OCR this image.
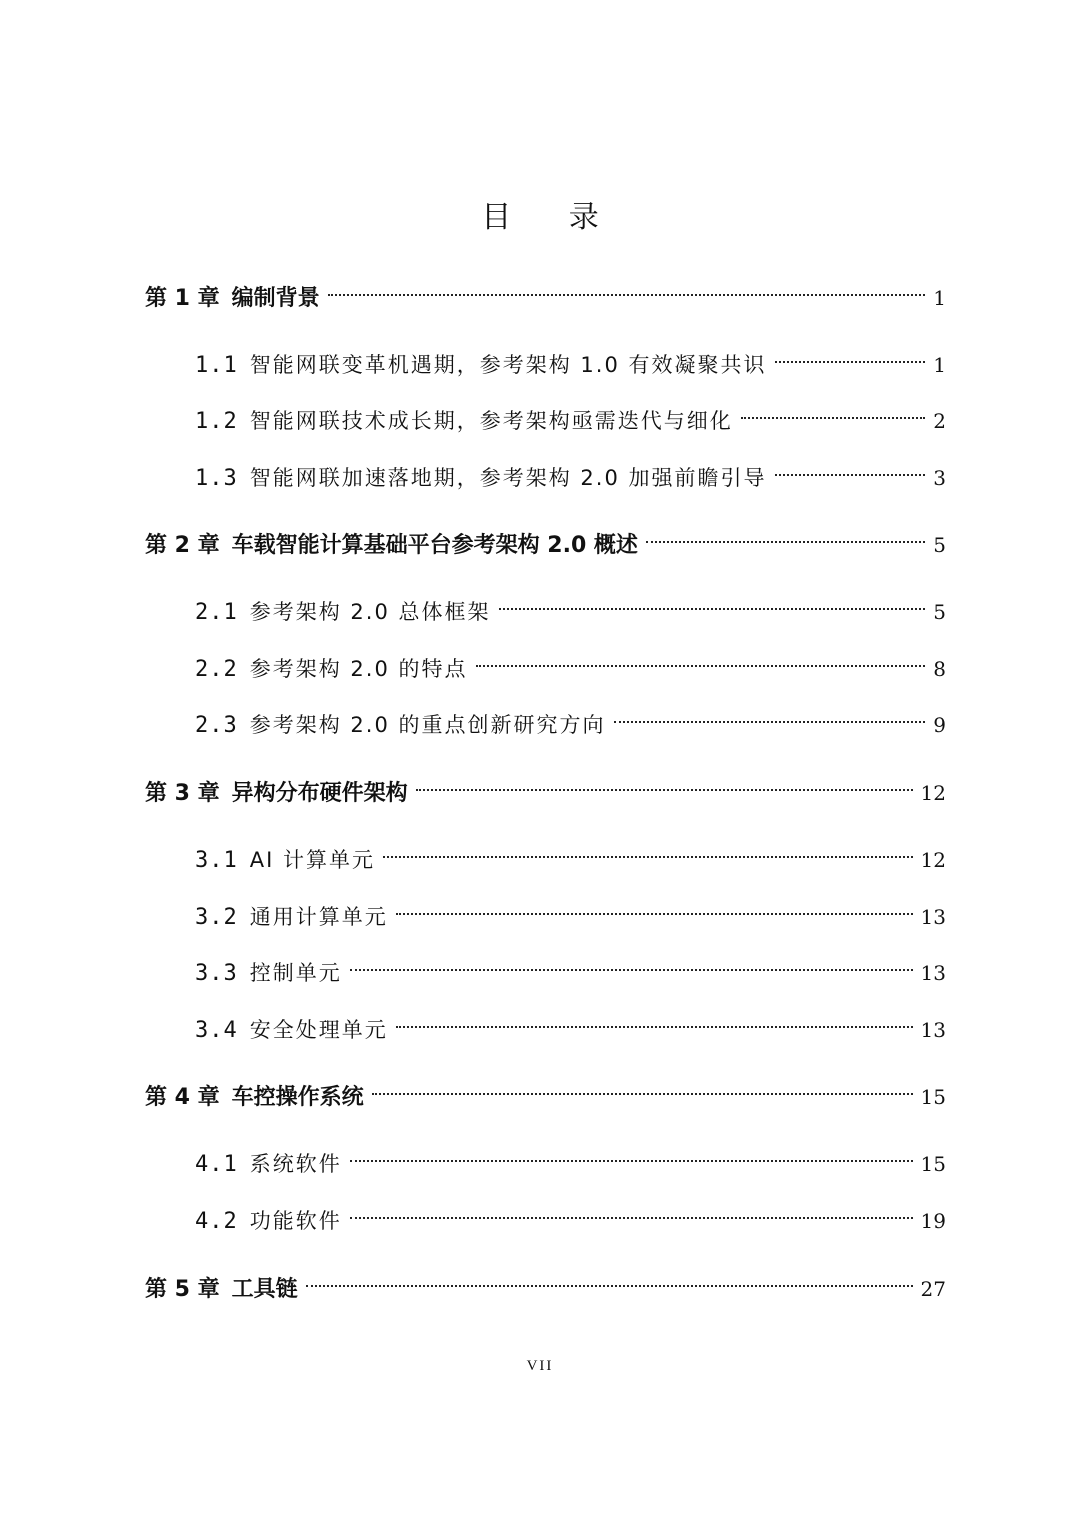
目 录
第 1 章 编制背景	1
1.1 智能网联变革机遇期，参考架构 1.0 有效凝聚共识	1
1.2 智能网联技术成长期，参考架构亟需迭代与细化	2
1.3 智能网联加速落地期，参考架构 2.0 加强前瞻引导	3
第 2 章 车载智能计算基础平台参考架构 2.0 概述	5
2.1 参考架构 2.0 总体框架	5
2.2 参考架构 2.0 的特点	8
2.3 参考架构 2.0 的重点创新研究方向	9
第 3 章 异构分布硬件架构	12
3.1 AI 计算单元	12
3.2 通用计算单元	13
3.3 控制单元	13
3.4 安全处理单元	13
第 4 章 车控操作系统	15
4.1 系统软件	15
4.2 功能软件	19
第 5 章 工具链	27
VII
